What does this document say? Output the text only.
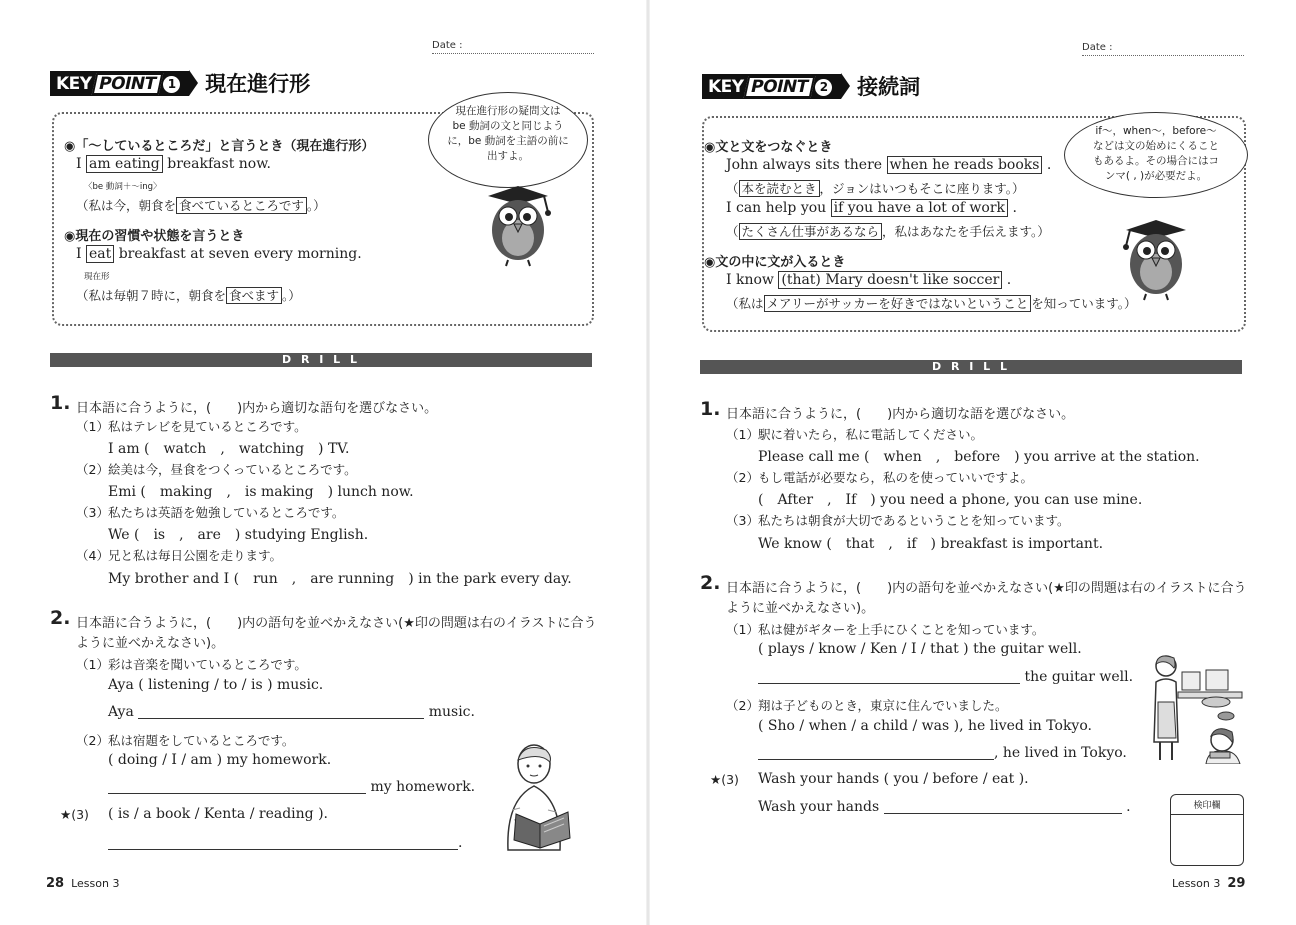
Date :
KEY POINT 1	現在進行形
現在進行形の疑問文は
be 動詞の文と同じよう
に，be 動詞を主語の前に
出すよ。
◉「〜しているところだ」と言うとき（現在進行形）
I am eating breakfast now.
〈be 動詞＋〜ing〉
（私は今，朝食を 食べているところです 。）
◉現在の習慣や状態を言うとき
I eat breakfast at seven every morning.
現在形
（私は毎朝７時に，朝食を 食べます 。）
D R I L L
1. 日本語に合うように，(　　)内から適切な語句を選びなさい。
（1） 私はテレビを見ているところです。
I am (　watch　,　watching　) TV.
（2） 絵美は今，昼食をつくっているところです。
Emi (　making　,　is making　) lunch now.
（3） 私たちは英語を勉強しているところです。
We (　is　,　are　) studying English.
（4） 兄と私は毎日公園を走ります。
My brother and I (　run　,　are running　) in the park every day.
2. 日本語に合うように，(　　)内の語句を並べかえなさい(★印の問題は右のイラストに合う
ように並べかえなさい)。
（1） 彩は音楽を聞いているところです。
Aya ( listening / to / is ) music.
Aya	music.
（2） 私は宿題をしているところです。
( doing / I / am ) my homework.
my homework.
★(3) ( is / a book / Kenta / reading ).
.
28 Lesson 3
Date :
KEY POINT 2	接続詞
if〜，when〜，before〜
などは文の始めにくること
もあるよ。その場合にはコ
ンマ( , )が必要だよ。
◉文と文をつなぐとき
John always sits there when he reads books .
（ 本を読むとき ，ジョンはいつもそこに座ります。）
I can help you if you have a lot of work .
（ たくさん仕事があるなら ，私はあなたを手伝えます。）
◉文の中に文が入るとき
I know (that) Mary doesn't like soccer .
（私は メアリーがサッカーを好きではないということ を知っています。）
D R I L L
1. 日本語に合うように，(　　)内から適切な語を選びなさい。
（1） 駅に着いたら，私に電話してください。
Please call me (　when　,　before　) you arrive at the station.
（2） もし電話が必要なら，私のを使っていいですよ。
(　After　,　If　) you need a phone, you can use mine.
（3） 私たちは朝食が大切であるということを知っています。
We know (　that　,　if　) breakfast is important.
2. 日本語に合うように，(　　)内の語句を並べかえなさい(★印の問題は右のイラストに合う
ように並べかえなさい)。
（1） 私は健がギターを上手にひくことを知っています。
( plays / know / Ken / I / that ) the guitar well.
the guitar well.
（2） 翔は子どものとき，東京に住んでいました。
( Sho / when / a child / was ), he lived in Tokyo.
, he lived in Tokyo.
★(3) Wash your hands ( you / before / eat ).
Wash your hands	.	検印欄
Lesson 3 29
